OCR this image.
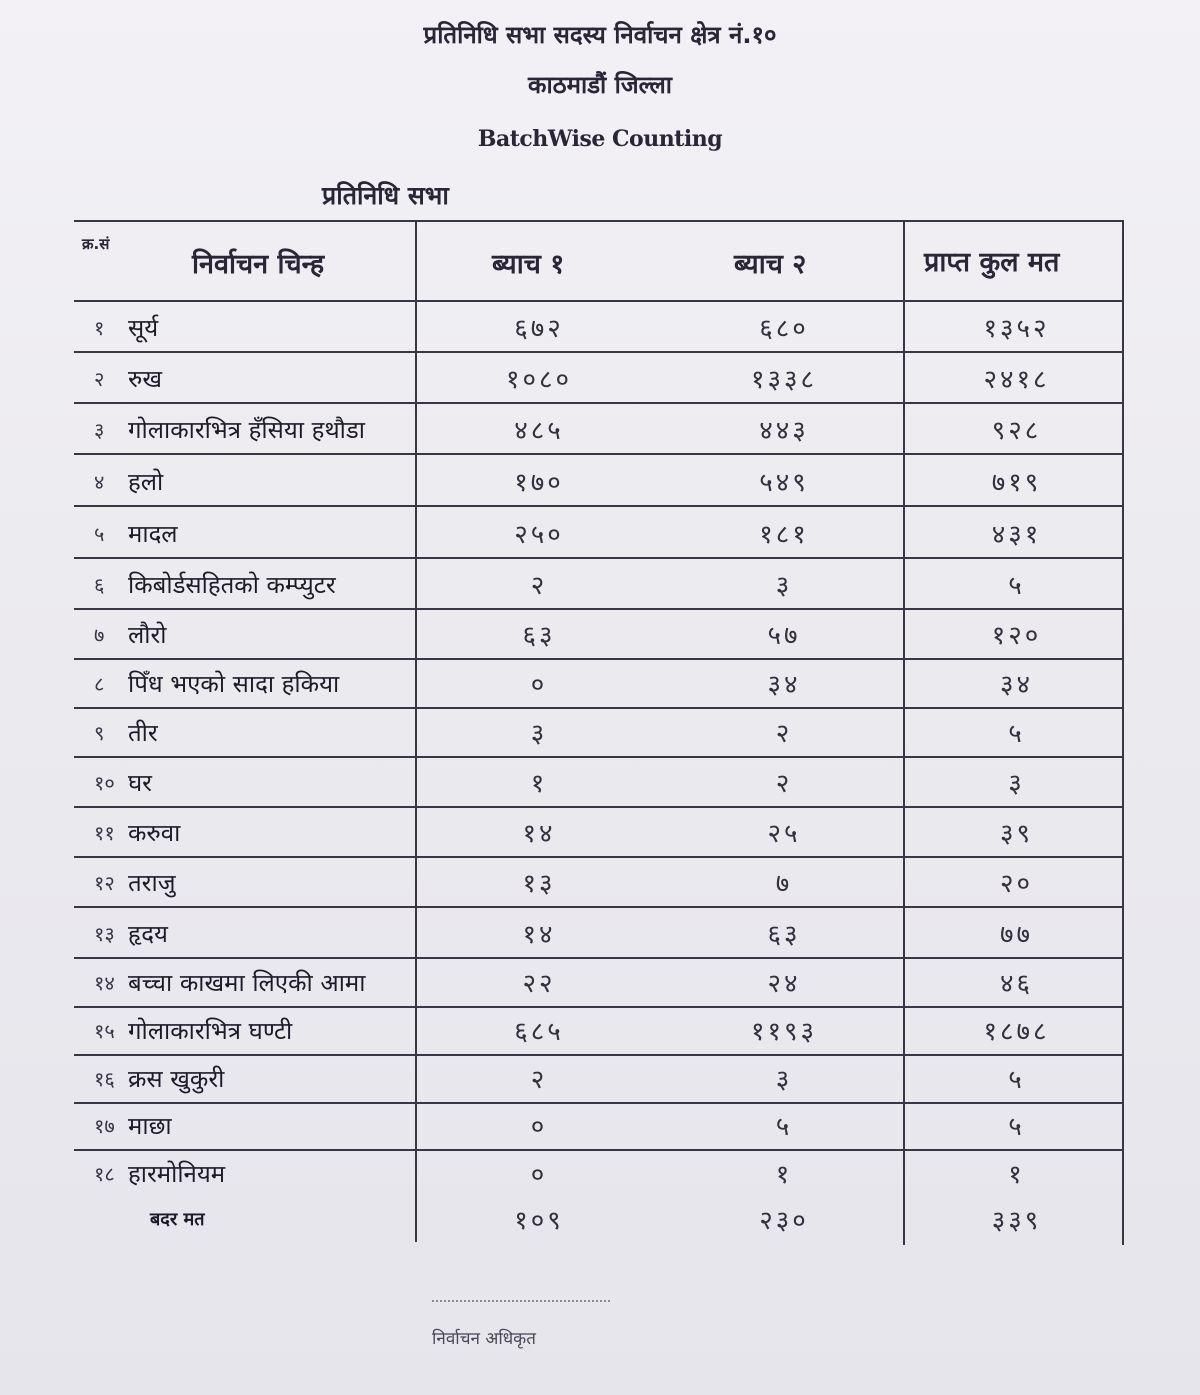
प्रतिनिधि सभा सदस्य निर्वाचन क्षेत्र नं.१०
काठमाडौं जिल्ला
BatchWise Counting
प्रतिनिधि सभा
क्र.सं
निर्वाचन चिन्ह	ब्याच १	ब्याच २	प्राप्त कुल मत
१ सूर्य	६७२	६८०	१३५२
२ रुख	१०८०	१३३८	२४१८
३ गोलाकारभित्र हँसिया हथौडा	४८५	४४३	९२८
४ हलो	१७०	५४९	७१९
५ मादल	२५०	१८१	४३१
६ किबोर्डसहितको कम्प्युटर	२	३	५
७ लौरो	६३	५७	१२०
८ पिँध भएको सादा हकिया	०	३४	३४
९ तीर	३	२	५
१० घर	१	२	३
११ करुवा	१४	२५	३९
१२ तराजु	१३	७	२०
१३ हृदय	१४	६३	७७
१४ बच्चा काखमा लिएकी आमा	२२	२४	४६
१५ गोलाकारभित्र घण्टी	६८५	११९३	१८७८
१६ क्रस खुकुरी	२	३	५
१७ माछा	०	५	५
१८ हारमोनियम	०	१	१
बदर मत	१०९	२३०	३३९
निर्वाचन अधिकृत
